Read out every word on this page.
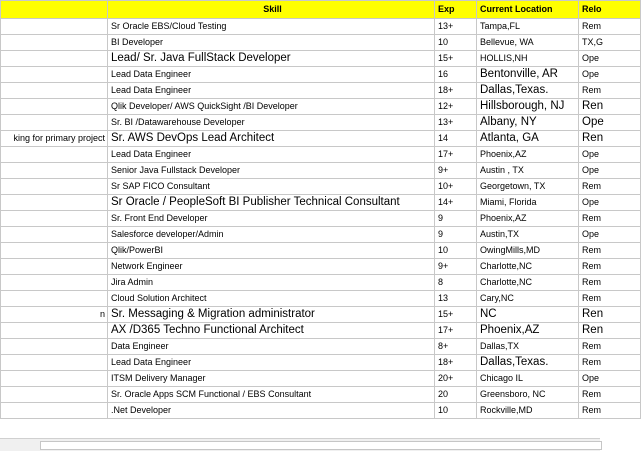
	Skill	Exp	Current Location	Relo
	Sr Oracle EBS/Cloud Testing	13+	Tampa,FL	Rem
	BI Developer	10	Bellevue, WA	TX,G
	Lead/ Sr. Java FullStack Developer	15+	HOLLIS,NH	Ope
	Lead Data Engineer	16	Bentonville, AR	Ope
	Lead Data Engineer	18+	Dallas,Texas.	Rem
	Qlik Developer/ AWS QuickSight /BI Developer	12+	Hillsborough, NJ	Ren
	Sr. BI /Datawarehouse Developer	13+	Albany, NY	Ope
king for primary project	Sr. AWS DevOps Lead Architect	14	Atlanta, GA	Ren
	Lead Data Engineer	17+	Phoenix,AZ	Ope
	Senior Java Fullstack Developer	9+	Austin , TX	Ope
	Sr SAP FICO Consultant	10+	Georgetown, TX	Rem
	Sr Oracle / PeopleSoft BI Publisher Technical Consultant	14+	Miami, Florida	Ope
	Sr. Front End Developer	9	Phoenix,AZ	Rem
	Salesforce developer/Admin	9	Austin,TX	Ope
	Qlik/PowerBI	10	OwingMills,MD	Rem
	Network Engineer	9+	Charlotte,NC	Rem
	Jira Admin	8	Charlotte,NC	Rem
	Cloud Solution Architect	13	Cary,NC	Rem
n	Sr. Messaging & Migration administrator	15+	NC	Ren
	AX /D365 Techno Functional Architect	17+	Phoenix,AZ	Ren
	Data Engineer	8+	Dallas,TX	Rem
	Lead Data Engineer	18+	Dallas,Texas.	Rem
	ITSM Delivery Manager	20+	Chicago IL	Ope
	Sr. Oracle Apps SCM Functional / EBS Consultant	20	Greensboro, NC	Rem
	.Net Developer	10	Rockville,MD	Rem
